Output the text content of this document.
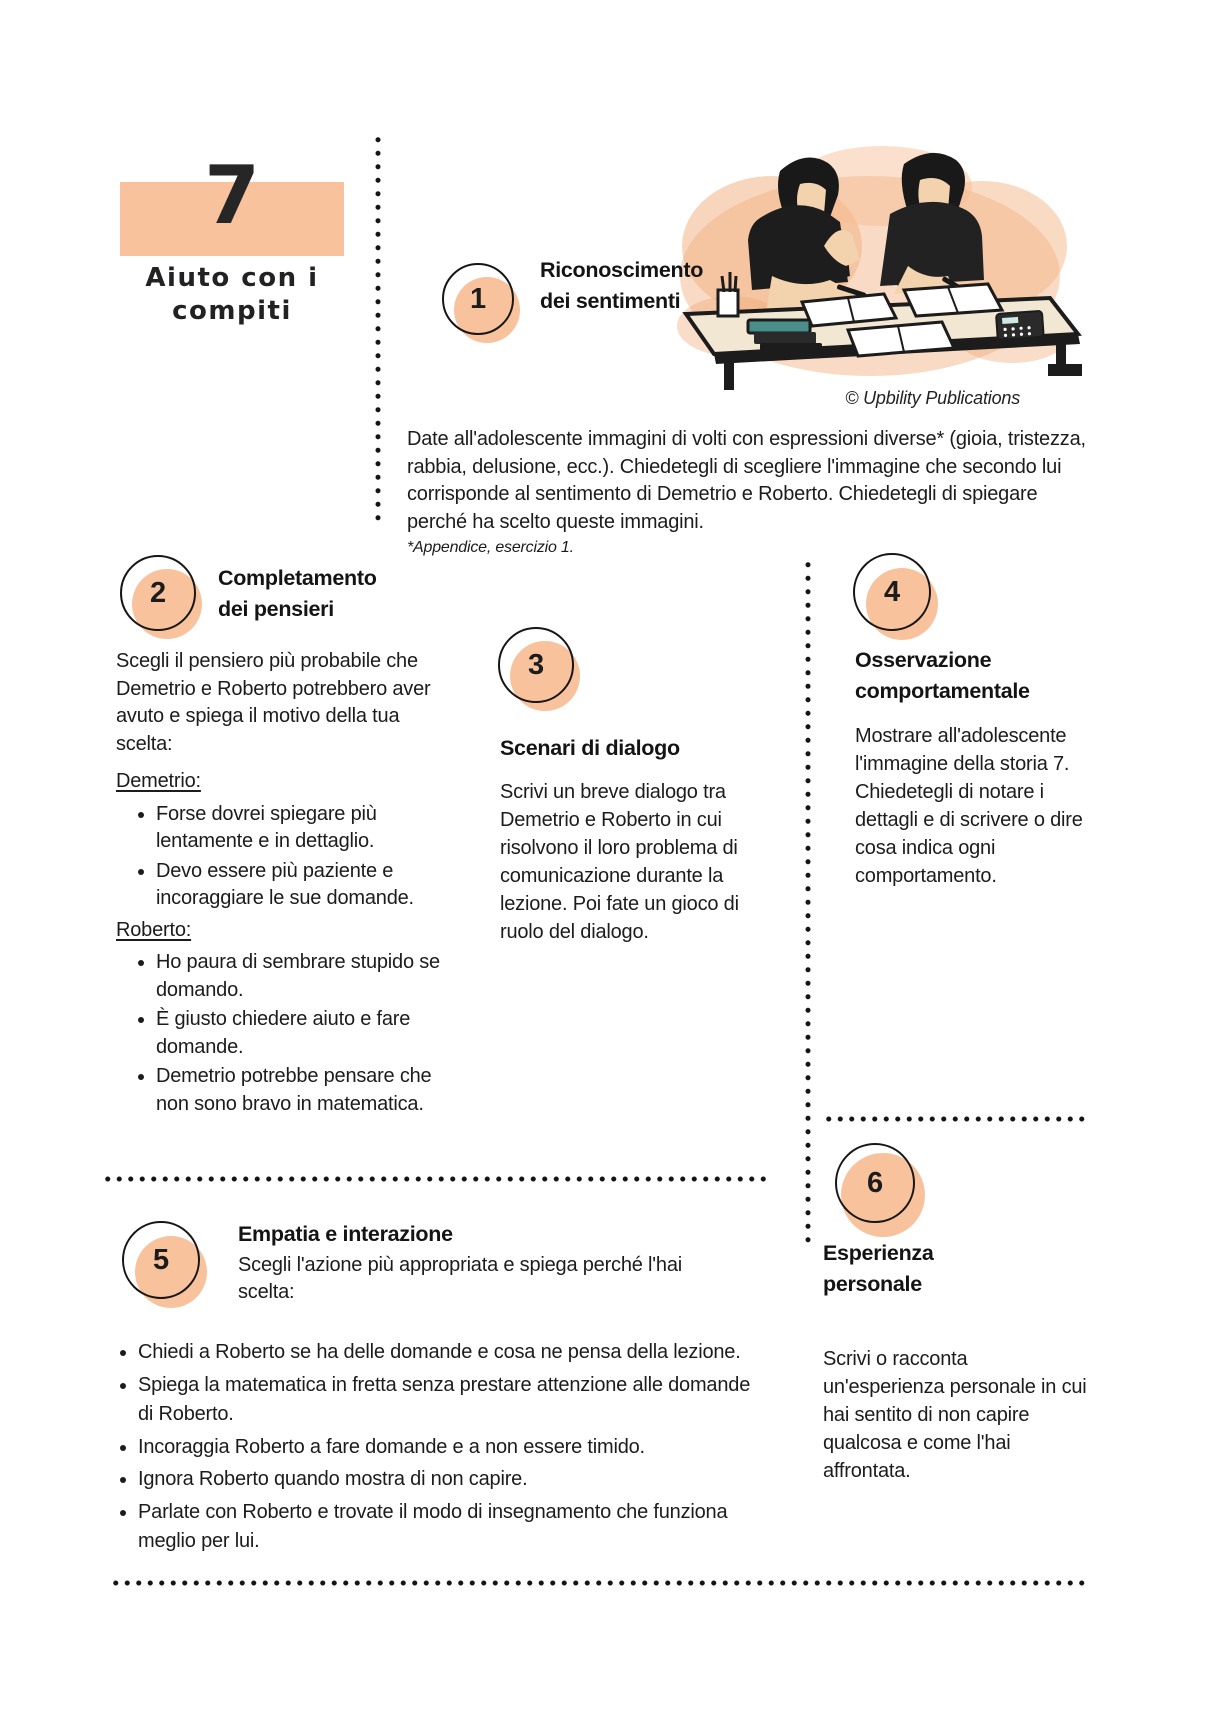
7
Aiuto con i
compiti
© Upbility Publications
1
Riconoscimento
dei sentimenti
Date all'adolescente immagini di volti con espressioni diverse* (gioia, tristezza, rabbia, delusione, ecc.). Chiedetegli di scegliere l'immagine che secondo lui corrisponde al sentimento di Demetrio e Roberto. Chiedetegli di spiegare perché ha scelto queste immagini.
*Appendice, esercizio 1.
2	Completamento
dei pensieri
Scegli il pensiero più probabile che Demetrio e Roberto potrebbero aver avuto e spiega il motivo della tua scelta:
Demetrio:
• Forse dovrei spiegare più lentamente e in dettaglio.
• Devo essere più paziente e incoraggiare le sue domande.
Roberto:
• Ho paura di sembrare stupido se domando.
• È giusto chiedere aiuto e fare domande.
• Demetrio potrebbe pensare che non sono bravo in matematica.
3
Scenari di dialogo
Scrivi un breve dialogo tra Demetrio e Roberto in cui risolvono il loro problema di comunicazione durante la lezione. Poi fate un gioco di ruolo del dialogo.
4
Osservazione
comportamentale
Mostrare all'adolescente l'immagine della storia 7. Chiedetegli di notare i dettagli e di scrivere o dire cosa indica ogni comportamento.
5
Empatia e interazione
Scegli l'azione più appropriata e spiega perché l'hai scelta:
• Chiedi a Roberto se ha delle domande e cosa ne pensa della lezione.
• Spiega la matematica in fretta senza prestare attenzione alle domande di Roberto.
• Incoraggia Roberto a fare domande e a non essere timido.
• Ignora Roberto quando mostra di non capire.
• Parlate con Roberto e trovate il modo di insegnamento che funziona meglio per lui.
6
Esperienza
personale
Scrivi o racconta un'esperienza personale in cui hai sentito di non capire qualcosa e come l'hai affrontata.
